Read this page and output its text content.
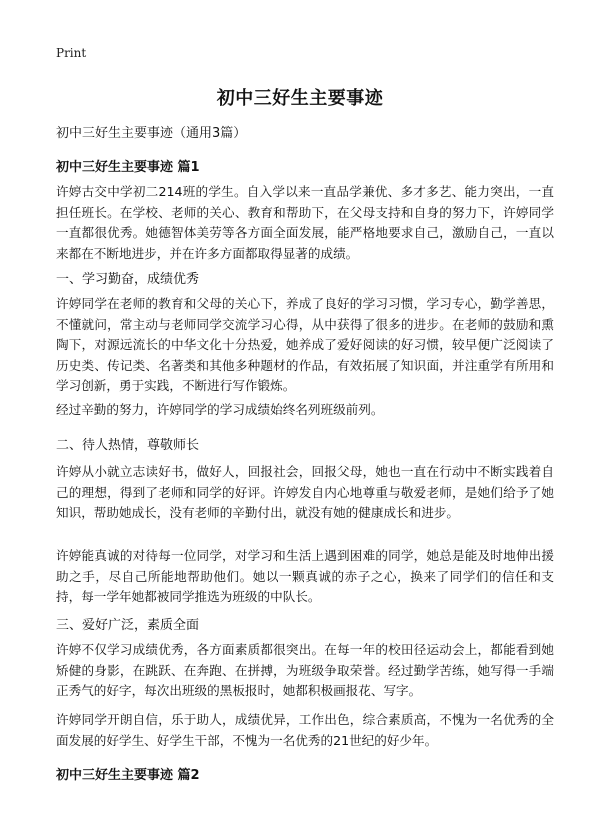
Print
初中三好生主要事迹
初中三好生主要事迹（通用3篇）
初中三好生主要事迹 篇1
许婷古交中学初二214班的学生。自入学以来一直品学兼优、多才多艺、能力突出，一直担任班长。在学校、老师的关心、教育和帮助下，在父母支持和自身的努力下，许婷同学一直都很优秀。她德智体美劳等各方面全面发展，能严格地要求自己，激励自己，一直以来都在不断地进步，并在许多方面都取得显著的成绩。
一、学习勤奋，成绩优秀
许婷同学在老师的教育和父母的关心下，养成了良好的学习习惯，学习专心，勤学善思，不懂就问，常主动与老师同学交流学习心得，从中获得了很多的进步。在老师的鼓励和熏陶下，对源远流长的中华文化十分热爱，她养成了爱好阅读的好习惯，较早便广泛阅读了历史类、传记类、名著类和其他多种题材的作品，有效拓展了知识面，并注重学有所用和学习创新，勇于实践，不断进行写作锻炼。
经过辛勤的努力，许婷同学的学习成绩始终名列班级前列。
二、待人热情，尊敬师长
许婷从小就立志读好书，做好人，回报社会，回报父母，她也一直在行动中不断实践着自己的理想，得到了老师和同学的好评。许婷发自内心地尊重与敬爱老师，是她们给予了她知识，帮助她成长，没有老师的辛勤付出，就没有她的健康成长和进步。
许婷能真诚的对待每一位同学，对学习和生活上遇到困难的同学，她总是能及时地伸出援助之手，尽自己所能地帮助他们。她以一颗真诚的赤子之心，换来了同学们的信任和支持，每一学年她都被同学推选为班级的中队长。
三、爱好广泛，素质全面
许婷不仅学习成绩优秀，各方面素质都很突出。在每一年的校田径运动会上，都能看到她矫健的身影，在跳跃、在奔跑、在拼搏，为班级争取荣誉。经过勤学苦练，她写得一手端正秀气的好字，每次出班级的黑板报时，她都积极画报花、写字。
许婷同学开朗自信，乐于助人，成绩优异，工作出色，综合素质高，不愧为一名优秀的全面发展的好学生、好学生干部，不愧为一名优秀的21世纪的好少年。
初中三好生主要事迹 篇2
